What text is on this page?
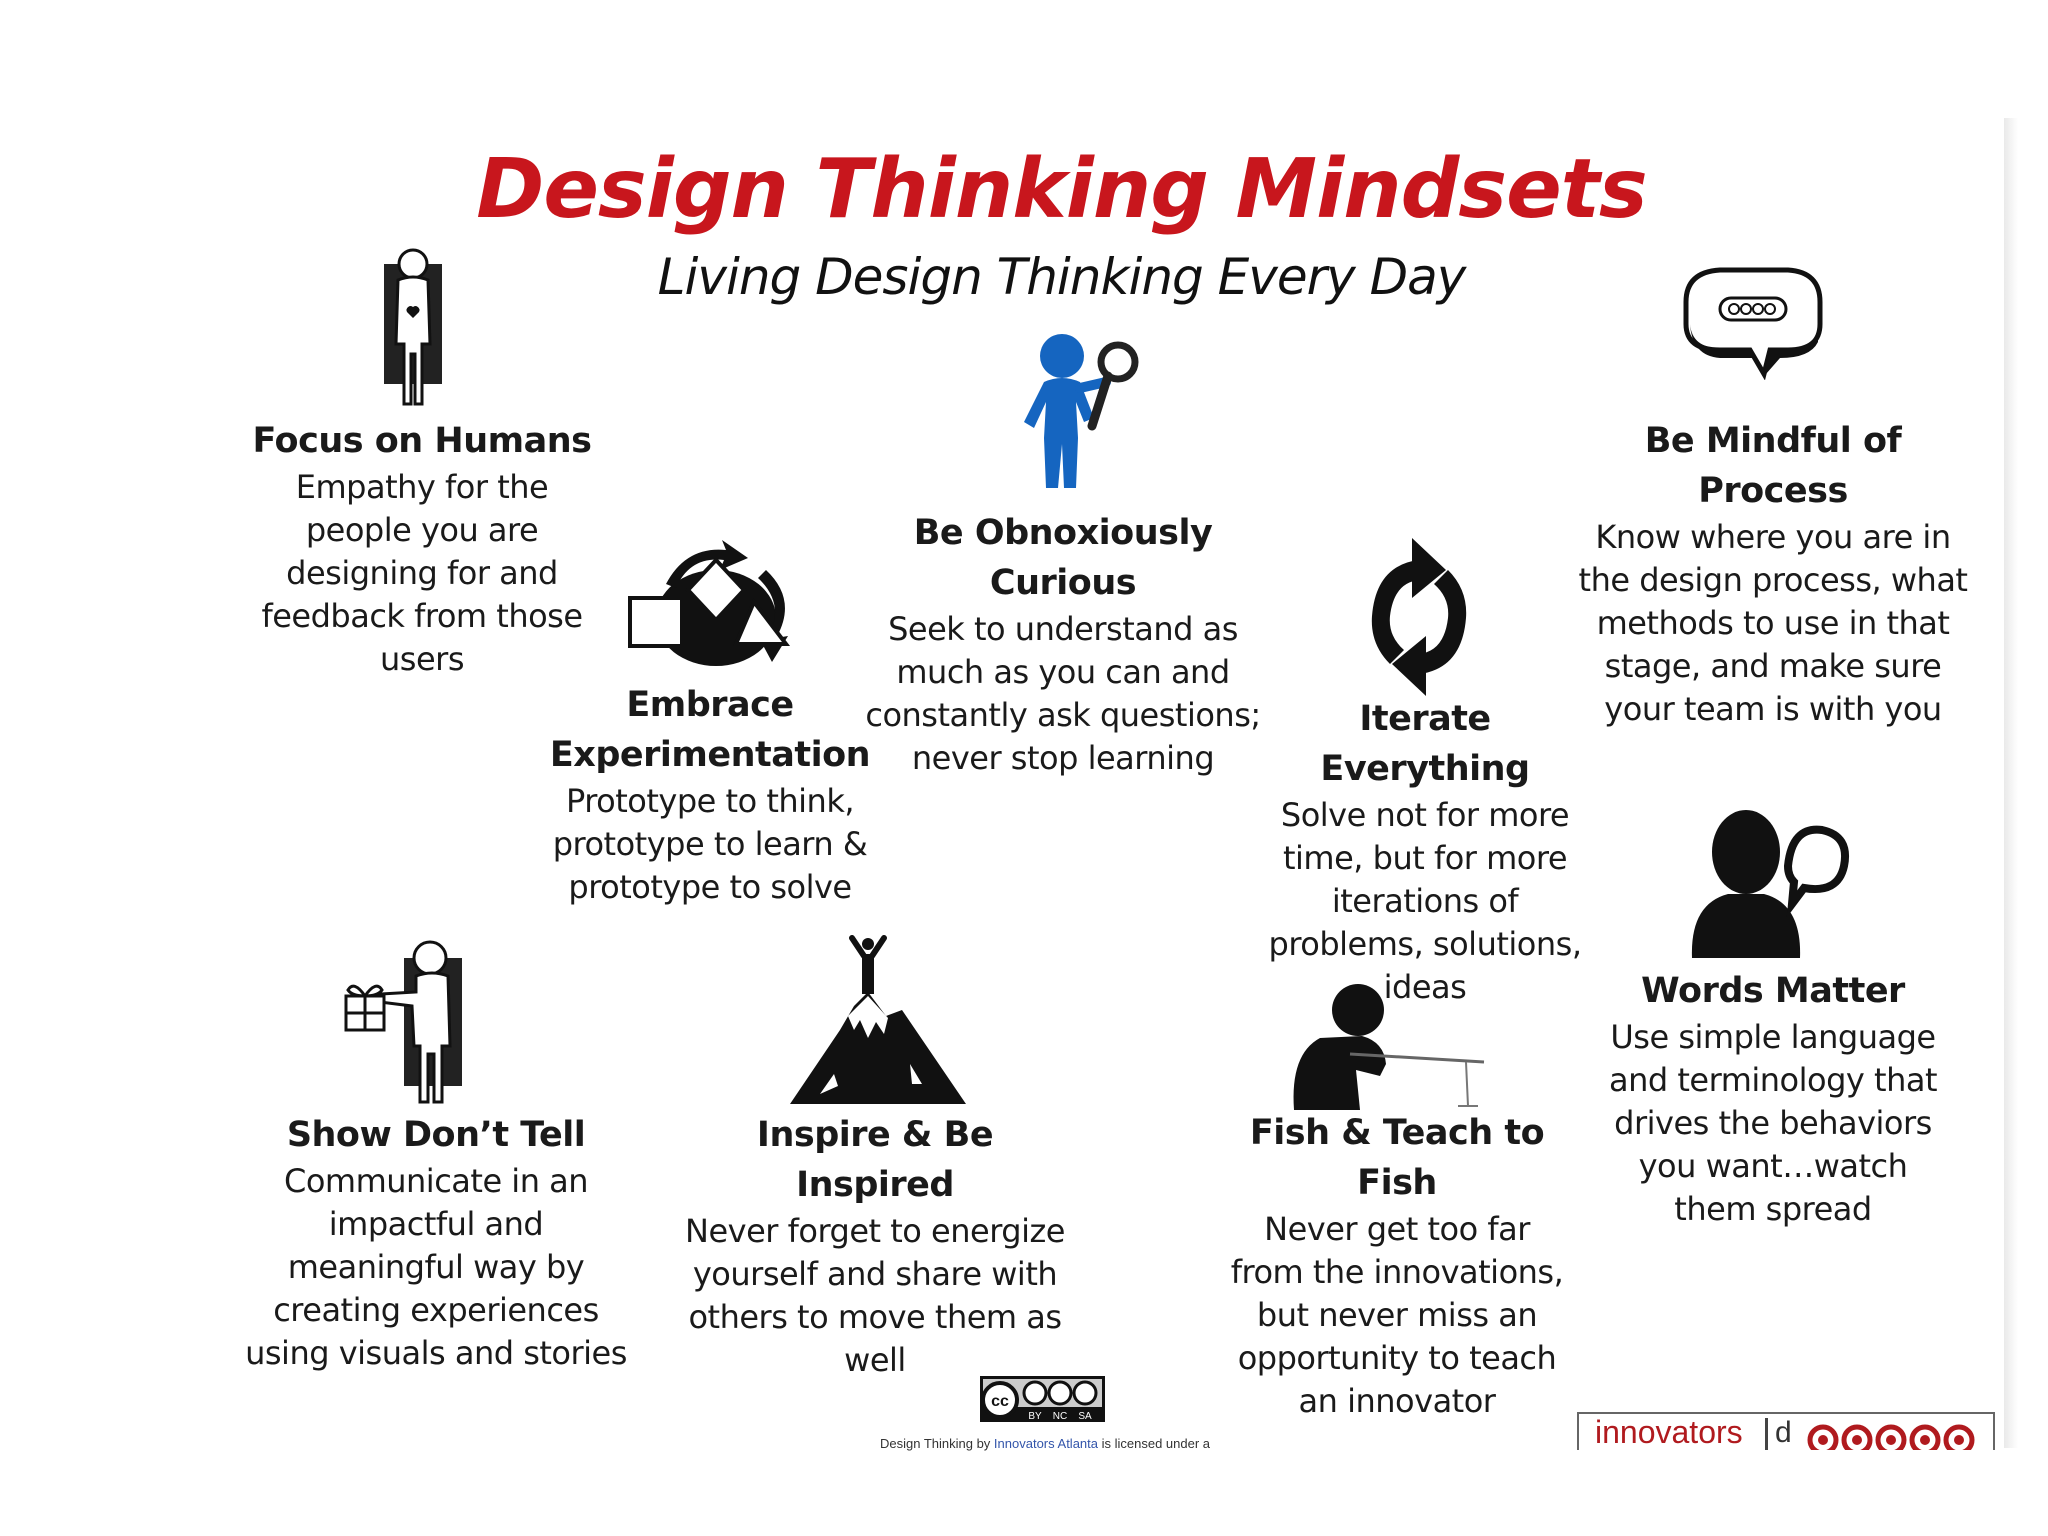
Design Thinking Mindsets
Living Design Thinking Every Day
Focus on Humans
Empathy for the
people you are
designing for and
feedback from those
users
Be Obnoxiously
Curious
Seek to understand as
much as you can and
constantly ask questions;
never stop learning
Be Mindful of Process
Know where you are in
the design process, what
methods to use in that
stage, and make sure
your team is with you
Embrace
Experimentation
Prototype to think,
prototype to learn &
prototype to solve
Iterate Everything
Solve not for more
time, but for more
iterations of
problems, solutions,
ideas	Words Matter
Use simple language
and terminology that
drives the behaviors
you want…watch
them spread
Show Don’t Tell
Communicate in an
impactful and
meaningful way by
creating experiences
using visuals and stories
Inspire & Be Inspired
Never forget to energize
yourself and share with
others to move them as
well
Fish & Teach to
Fish
Never get too far
from the innovations,
but never miss an
opportunity to teach
an innovator
cc
BY NC SA
Design Thinking by Innovators Atlanta is licensed under a	innovators d
